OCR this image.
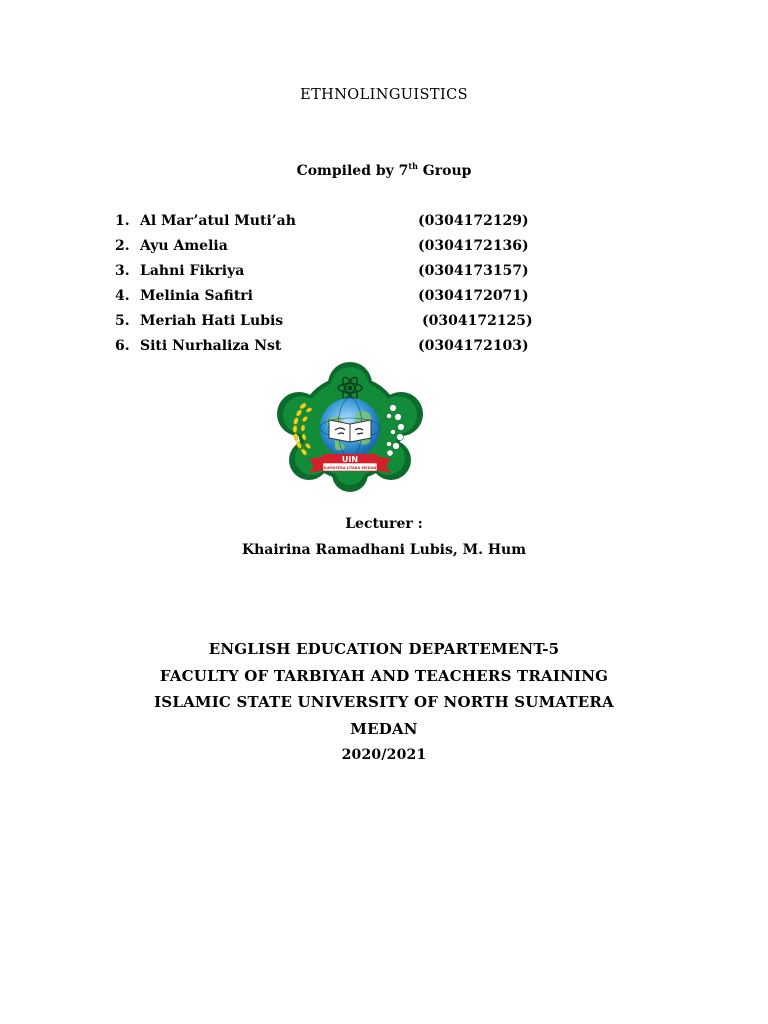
ETHNOLINGUISTICS
Compiled by 7th Group
1. Al Mar’atul Muti’ah	(0304172129)
2. Ayu Amelia	(0304172136)
3. Lahni Fikriya	(0304173157)
4. Melinia Safitri	(0304172071)
5. Meriah Hati Lubis	(0304172125)
6. Siti Nurhaliza Nst	(0304172103)
UIN
SUMATERA UTARA MEDAN
Lecturer :
Khairina Ramadhani Lubis, M. Hum
ENGLISH EDUCATION DEPARTEMENT-5
FACULTY OF TARBIYAH AND TEACHERS TRAINING
ISLAMIC STATE UNIVERSITY OF NORTH SUMATERA
MEDAN
2020/2021
